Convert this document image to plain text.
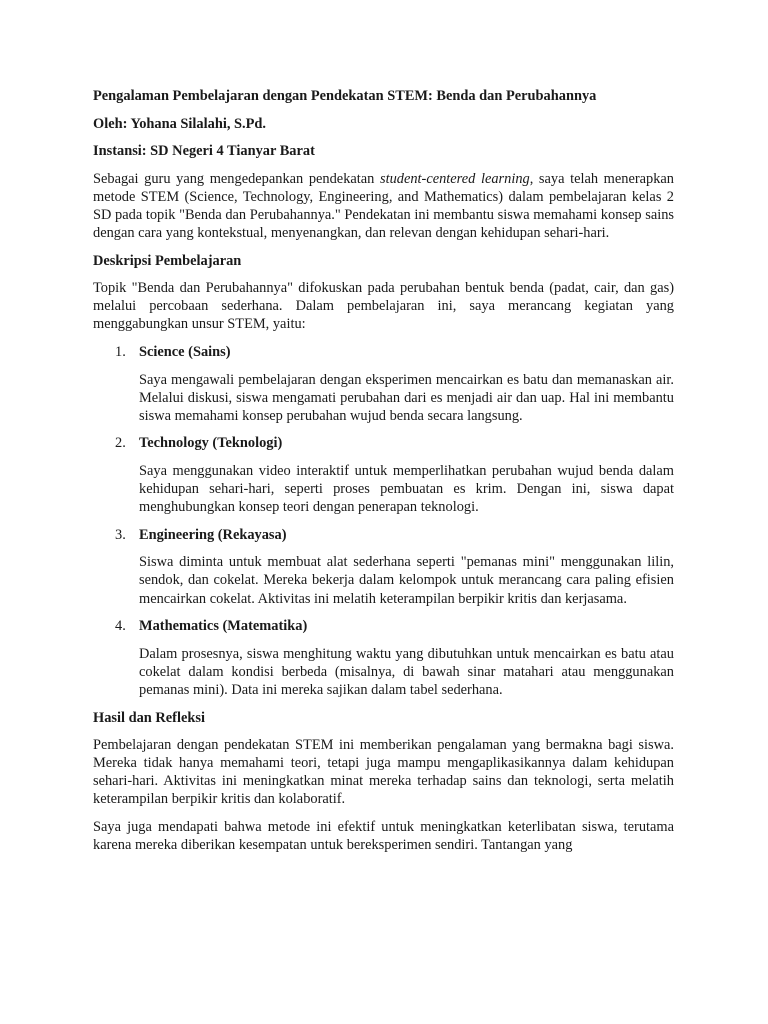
Pengalaman Pembelajaran dengan Pendekatan STEM: Benda dan Perubahannya

Oleh: Yohana Silalahi, S.Pd.

Instansi: SD Negeri 4 Tianyar Barat

Sebagai guru yang mengedepankan pendekatan student-centered learning, saya telah menerapkan metode STEM (Science, Technology, Engineering, and Mathematics) dalam pembelajaran kelas 2 SD pada topik "Benda dan Perubahannya." Pendekatan ini membantu siswa memahami konsep sains dengan cara yang kontekstual, menyenangkan, dan relevan dengan kehidupan sehari-hari.

Deskripsi Pembelajaran

Topik "Benda dan Perubahannya" difokuskan pada perubahan bentuk benda (padat, cair, dan gas) melalui percobaan sederhana. Dalam pembelajaran ini, saya merancang kegiatan yang menggabungkan unsur STEM, yaitu:

1. Science (Sains)

Saya mengawali pembelajaran dengan eksperimen mencairkan es batu dan memanaskan air. Melalui diskusi, siswa mengamati perubahan dari es menjadi air dan uap. Hal ini membantu siswa memahami konsep perubahan wujud benda secara langsung.

2. Technology (Teknologi)

Saya menggunakan video interaktif untuk memperlihatkan perubahan wujud benda dalam kehidupan sehari-hari, seperti proses pembuatan es krim. Dengan ini, siswa dapat menghubungkan konsep teori dengan penerapan teknologi.

3. Engineering (Rekayasa)

Siswa diminta untuk membuat alat sederhana seperti "pemanas mini" menggunakan lilin, sendok, dan cokelat. Mereka bekerja dalam kelompok untuk merancang cara paling efisien mencairkan cokelat. Aktivitas ini melatih keterampilan berpikir kritis dan kerjasama.

4. Mathematics (Matematika)

Dalam prosesnya, siswa menghitung waktu yang dibutuhkan untuk mencairkan es batu atau cokelat dalam kondisi berbeda (misalnya, di bawah sinar matahari atau menggunakan pemanas mini). Data ini mereka sajikan dalam tabel sederhana.

Hasil dan Refleksi

Pembelajaran dengan pendekatan STEM ini memberikan pengalaman yang bermakna bagi siswa. Mereka tidak hanya memahami teori, tetapi juga mampu mengaplikasikannya dalam kehidupan sehari-hari. Aktivitas ini meningkatkan minat mereka terhadap sains dan teknologi, serta melatih keterampilan berpikir kritis dan kolaboratif.

Saya juga mendapati bahwa metode ini efektif untuk meningkatkan keterlibatan siswa, terutama karena mereka diberikan kesempatan untuk bereksperimen sendiri. Tantangan yang
